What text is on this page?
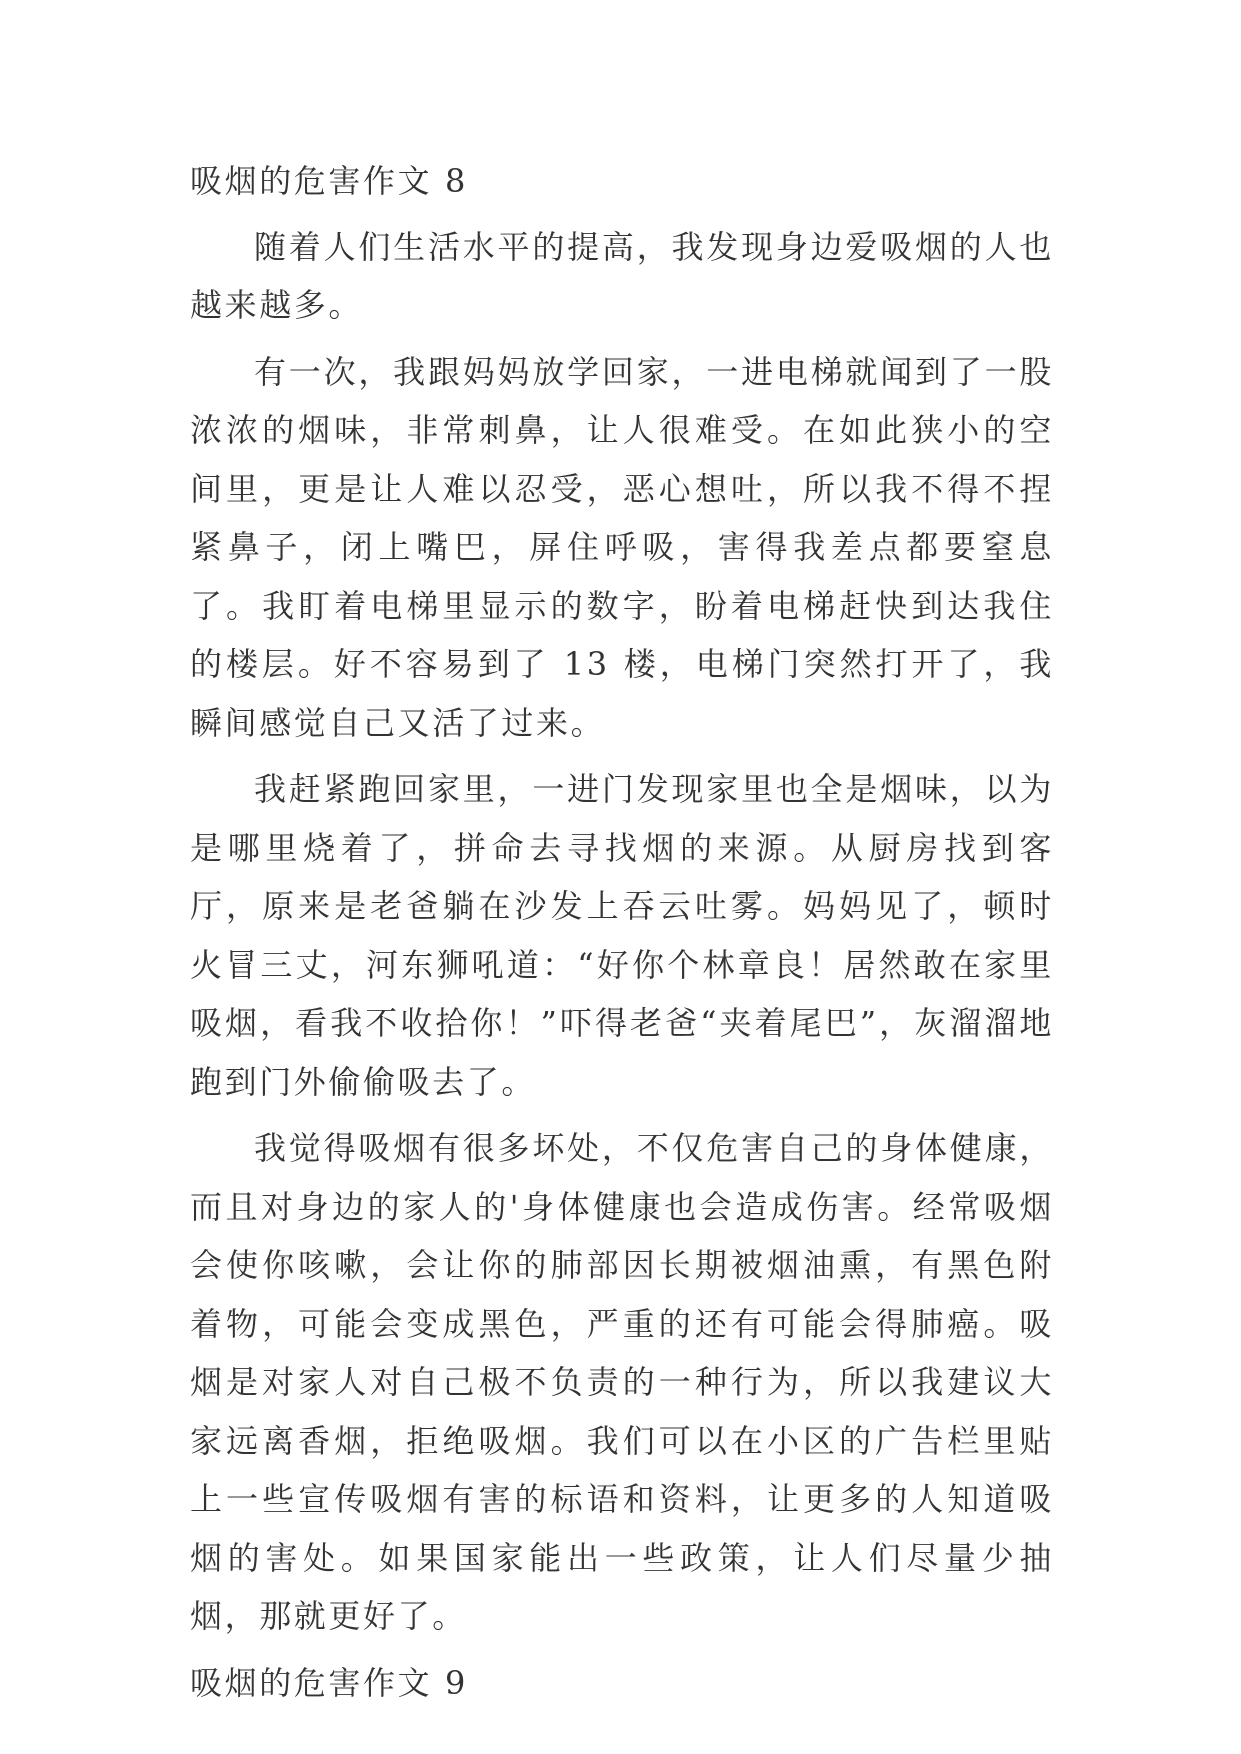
吸烟的危害作文 8

随着人们生活水平的提高，我发现身边爱吸烟的人也越来越多。

有一次，我跟妈妈放学回家，一进电梯就闻到了一股浓浓的烟味，非常刺鼻，让人很难受。在如此狭小的空间里，更是让人难以忍受，恶心想吐，所以我不得不捏紧鼻子，闭上嘴巴，屏住呼吸，害得我差点都要窒息了。我盯着电梯里显示的数字，盼着电梯赶快到达我住的楼层。好不容易到了 13 楼，电梯门突然打开了，我瞬间感觉自己又活了过来。

我赶紧跑回家里，一进门发现家里也全是烟味，以为是哪里烧着了，拼命去寻找烟的来源。从厨房找到客厅，原来是老爸躺在沙发上吞云吐雾。妈妈见了，顿时火冒三丈，河东狮吼道：“好你个林章良！居然敢在家里吸烟，看我不收拾你！”吓得老爸“夹着尾巴”，灰溜溜地跑到门外偷偷吸去了。

我觉得吸烟有很多坏处，不仅危害自己的身体健康，而且对身边的家人的'身体健康也会造成伤害。经常吸烟会使你咳嗽，会让你的肺部因长期被烟油熏，有黑色附着物，可能会变成黑色，严重的还有可能会得肺癌。吸烟是对家人对自己极不负责的一种行为，所以我建议大家远离香烟，拒绝吸烟。我们可以在小区的广告栏里贴上一些宣传吸烟有害的标语和资料，让更多的人知道吸烟的害处。如果国家能出一些政策，让人们尽量少抽烟，那就更好了。

吸烟的危害作文 9
